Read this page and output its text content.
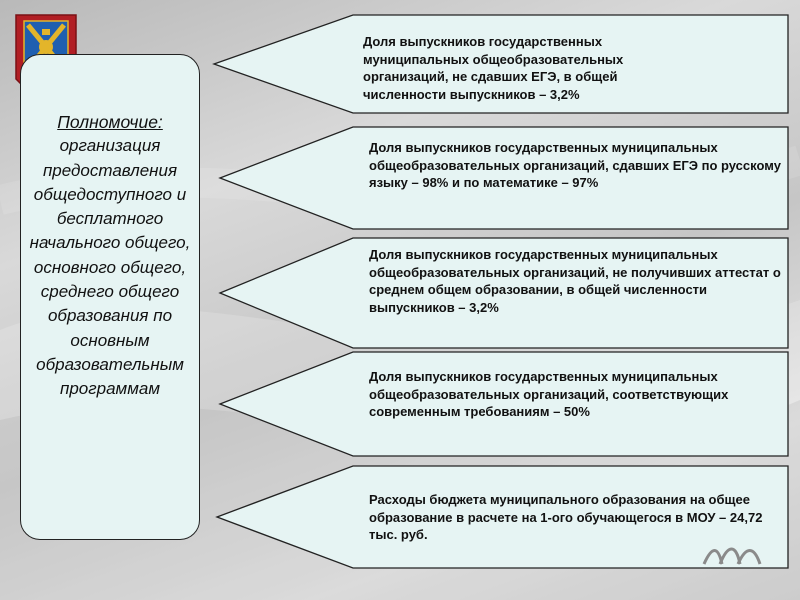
Полномочие:
организация предоставления общедоступного и бесплатного начального общего, основного общего, среднего общего образования по основным образовательным программам
Доля выпускников государственных муниципальных общеобразовательных организаций, не сдавших ЕГЭ, в общей численности выпускников – 3,2%
Доля выпускников государственных муниципальных общеобразовательных организаций, сдавших ЕГЭ по русскому языку – 98% и по математике – 97%
Доля выпускников государственных муниципальных общеобразовательных организаций, не получивших аттестат о среднем общем образовании, в общей численности выпускников – 3,2%
Доля выпускников государственных муниципальных общеобразовательных организаций, соответствующих современным требованиям – 50%
Расходы бюджета муниципального образования на общее образование в расчете на 1-ого обучающегося в МОУ – 24,72 тыс. руб.
